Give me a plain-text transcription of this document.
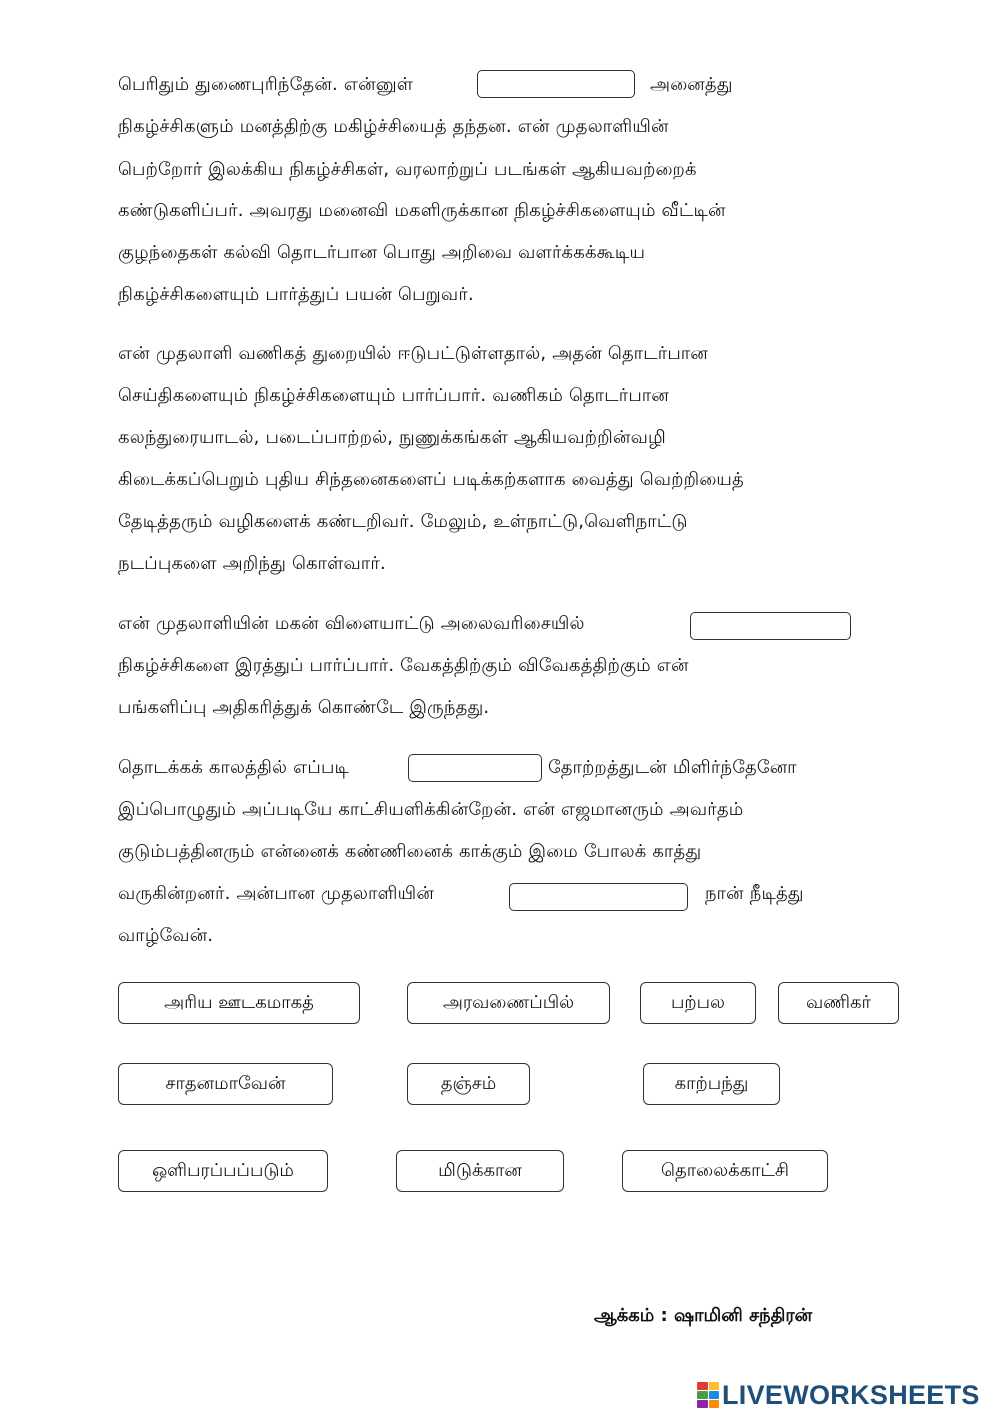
பெரிதும் துணைபுரிந்தேன். என்னுள்	அனைத்து
நிகழ்ச்சிகளும் மனத்திற்கு மகிழ்ச்சியைத் தந்தன. என் முதலாளியின்
பெற்றோர் இலக்கிய நிகழ்ச்சிகள், வரலாற்றுப் படங்கள் ஆகியவற்றைக்
கண்டுகளிப்பர். அவரது மனைவி மகளிருக்கான நிகழ்ச்சிகளையும் வீட்டின்
குழந்தைகள் கல்வி தொடர்பான பொது அறிவை வளர்க்கக்கூடிய
நிகழ்ச்சிகளையும் பார்த்துப் பயன் பெறுவர்.
என் முதலாளி வணிகத் துறையில் ஈடுபட்டுள்ளதால், அதன் தொடர்பான
செய்திகளையும் நிகழ்ச்சிகளையும் பார்ப்பார். வணிகம் தொடர்பான
கலந்துரையாடல், படைப்பாற்றல், நுணுக்கங்கள் ஆகியவற்றின்வழி
கிடைக்கப்பெறும் புதிய சிந்தனைகளைப் படிக்கற்களாக வைத்து வெற்றியைத்
தேடித்தரும் வழிகளைக் கண்டறிவர். மேலும், உள்நாட்டு,வெளிநாட்டு
நடப்புகளை அறிந்து கொள்வார்.
என் முதலாளியின் மகன் விளையாட்டு அலைவரிசையில்
நிகழ்ச்சிகளை இரத்துப் பார்ப்பார். வேகத்திற்கும் விவேகத்திற்கும் என்
பங்களிப்பு அதிகரித்துக் கொண்டே இருந்தது.
தொடக்கக் காலத்தில் எப்படி	தோற்றத்துடன் மிளிர்ந்தேனோ
இப்பொழுதும் அப்படியே காட்சியளிக்கின்றேன். என் எஜமானரும் அவர்தம்
குடும்பத்தினரும் என்னைக் கண்ணினைக் காக்கும் இமை போலக் காத்து
வருகின்றனர். அன்பான முதலாளியின்	நான் நீடித்து
வாழ்வேன்.
அரிய ஊடகமாகத்	அரவணைப்பில்	பற்பல	வணிகர்
சாதனமாவேன்	தஞ்சம்	காற்பந்து
ஒளிபரப்பப்படும்	மிடுக்கான	தொலைக்காட்சி
ஆக்கம் : ஷாமினி சந்திரன்
LIVEWORKSHEETS
